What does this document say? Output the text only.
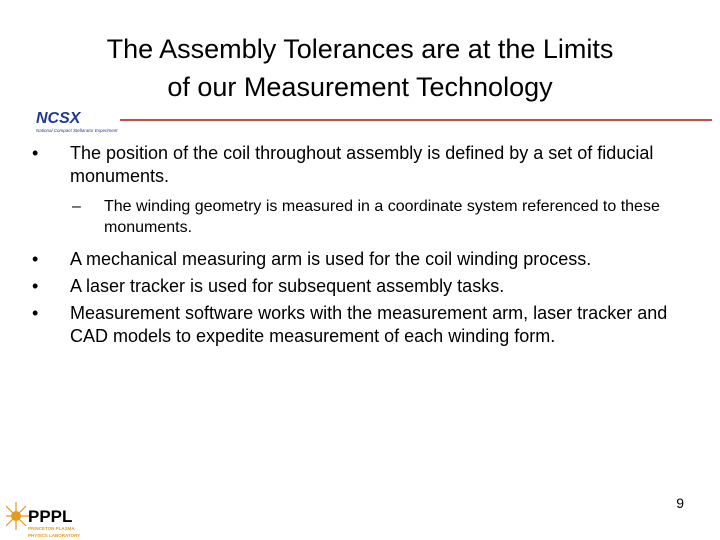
The Assembly Tolerances are at the Limits
of our Measurement Technology
NCSX
National Compact Stellarator Experiment
• The position of the coil throughout assembly is defined by a set of fiducial monuments.
– The winding geometry is measured in a coordinate system referenced to these monuments.
• A mechanical measuring arm is used for the coil winding process.
• A laser tracker is used for subsequent assembly tasks.
• Measurement software works with the measurement arm, laser tracker and CAD models to expedite measurement of each winding form.
PPPL
PRINCETON PLASMA
PHYSICS LABORATORY
9
